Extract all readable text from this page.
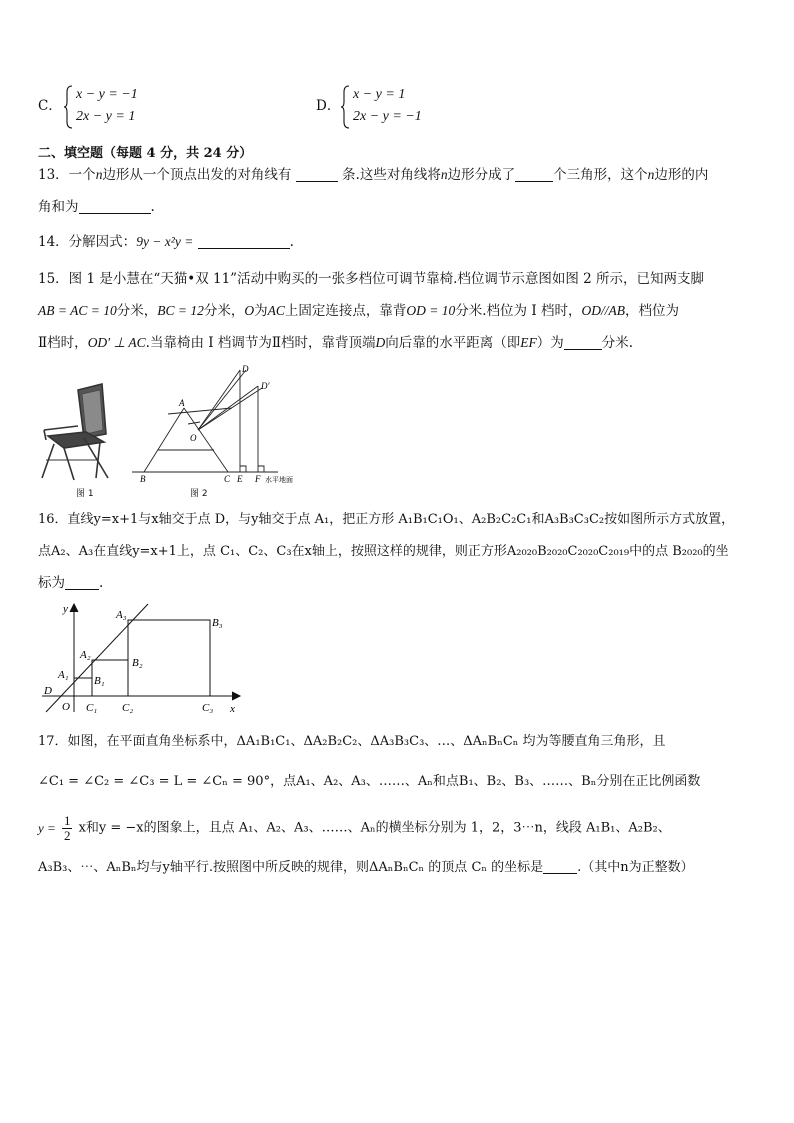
C．
x − y = −1
2x − y = 1
D．
x − y = 1
2x − y = −1
二、填空题（每题 4 分，共 24 分）
13．一个n边形从一个顶点出发的对角线有	条.这些对角线将n边形分成了	个三角形，这个n边形的内
角和为	.
14．分解因式：9y − x²y =	.
15．图 1 是小慧在“天猫•双 11”活动中购买的一张多档位可调节靠椅.档位调节示意图如图 2 所示，已知两支脚
AB = AC = 10分米，BC = 12分米，O为AC上固定连接点，靠背OD = 10分米.档位为 Ⅰ 档时，OD//AB，档位为
Ⅱ档时，OD′ ⊥ AC.当靠椅由 Ⅰ 档调节为Ⅱ档时，靠背顶端D向后靠的水平距离（即EF）为	分米.
图 1
D
D′
A
O
B	C E F 水平地面
图 2
16．直线y=x+1与x轴交于点 D，与y轴交于点 A₁，把正方形 A₁B₁C₁O₁、A₂B₂C₂C₁和A₃B₃C₃C₂按如图所示方式放置，
点A₂、A₃在直线y=x+1上，点 C₁、C₂、C₃在x轴上，按照这样的规律，则正方形A₂₀₂₀B₂₀₂₀C₂₀₂₀C₂₀₁₉中的点 B₂₀₂₀的坐
标为	.
y
x
O
D
A₁
A₂
A₃
B₁
B₂
B₃
C₁ C₂	C₃
17．如图，在平面直角坐标系中，ΔA₁B₁C₁、ΔA₂B₂C₂、ΔA₃B₃C₃、…、ΔAₙBₙCₙ 均为等腰直角三角形，且
∠C₁ = ∠C₂ = ∠C₃ = L = ∠Cₙ = 90°，点A₁、A₂、A₃、……、Aₙ和点B₁、B₂、B₃、……、Bₙ分别在正比例函数
$y = \frac{1}{2}$ x和y = −x的图象上，且点 A₁、A₂、A₃、……、Aₙ的横坐标分别为 1，2，3⋯n，线段 A₁B₁、A₂B₂、
A₃B₃、⋯、AₙBₙ均与y轴平行.按照图中所反映的规律，则ΔAₙBₙCₙ 的顶点 Cₙ 的坐标是	.（其中n为正整数）
